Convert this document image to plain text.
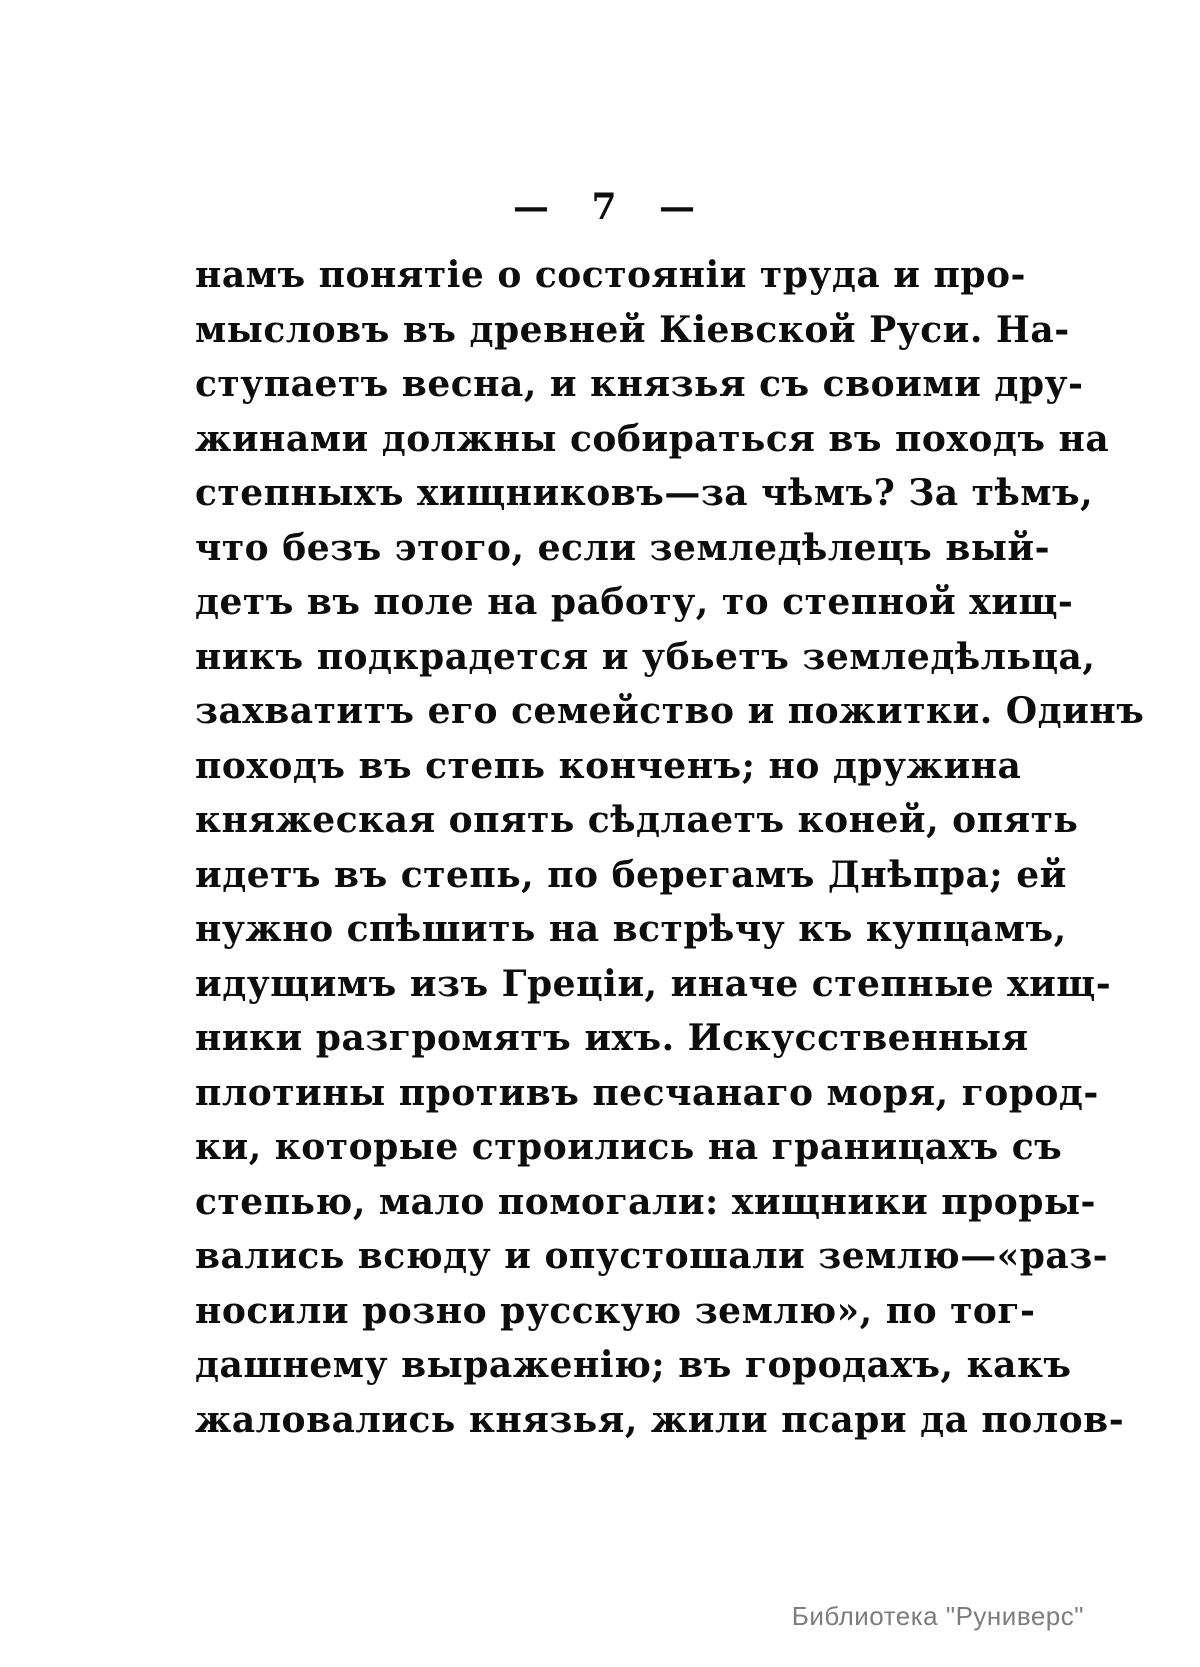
— 7 —
намъ понятіе о состояніи труда и про-
мысловъ въ древней Кіевской Руси. На-
ступаетъ весна, и князья съ своими дру-
жинами должны собираться въ походъ на
степныхъ хищниковъ—за чѣмъ? За тѣмъ,
что безъ этого, если земледѣлецъ вый-
детъ въ поле на работу, то степной хищ-
никъ подкрадется и убьетъ земледѣльца,
захватитъ его семейство и пожитки. Одинъ
походъ въ степь конченъ; но дружина
княжеская опять сѣдлаетъ коней, опять
идетъ въ степь, по берегамъ Днѣпра; ей
нужно спѣшить на встрѣчу къ купцамъ,
идущимъ изъ Греціи, иначе степные хищ-
ники разгромятъ ихъ. Искусственныя
плотины противъ песчанаго моря, город-
ки, которые строились на границахъ съ
степью, мало помогали: хищники проры-
вались всюду и опустошали землю—«раз-
носили розно русскую землю», по тог-
дашнему выраженію; въ городахъ, какъ
жаловались князья, жили псари да полов-
Библиотека "Руниверс"
